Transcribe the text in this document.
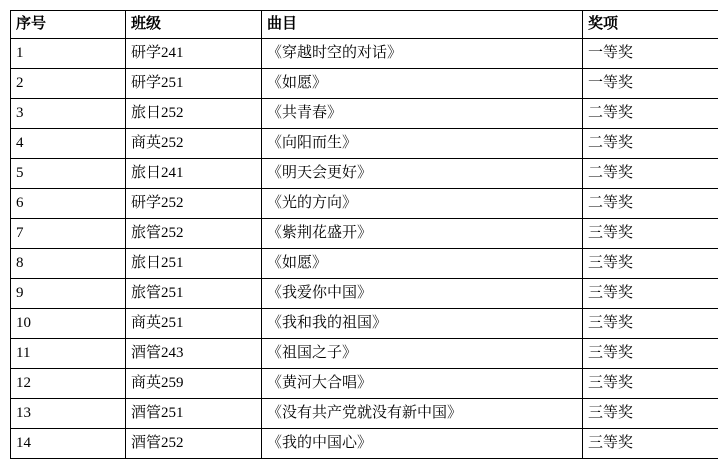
序号	班级	曲目	奖项
1	研学241	《穿越时空的对话》	一等奖
2	研学251	《如愿》	一等奖
3	旅日252	《共青春》	二等奖
4	商英252	《向阳而生》	二等奖
5	旅日241	《明天会更好》	二等奖
6	研学252	《光的方向》	二等奖
7	旅管252	《紫荆花盛开》	三等奖
8	旅日251	《如愿》	三等奖
9	旅管251	《我爱你中国》	三等奖
10	商英251	《我和我的祖国》	三等奖
11	酒管243	《祖国之子》	三等奖
12	商英259	《黄河大合唱》	三等奖
13	酒管251	《没有共产党就没有新中国》	三等奖
14	酒管252	《我的中国心》	三等奖
